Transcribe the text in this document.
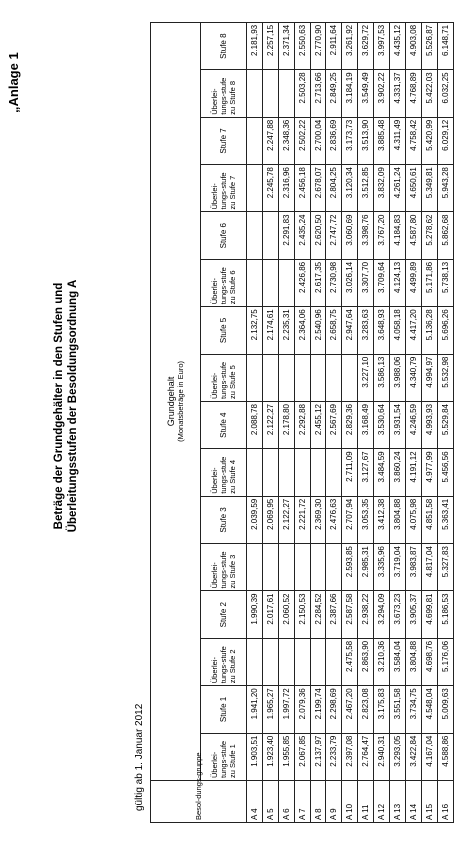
„Anlage 1
Beträge der Grundgehälter in den Stufen und Überleitungsstufen der Besoldungsordnung A
gültig ab 1. Januar 2012	Besol-dungs-gruppe	Grundgehalt (Monatsbeträge in Euro)															

	Überlei-tungs-stufe zu Stufe 1	Stufe 1	Überlei-tungs-stufe zu Stufe 2	Stufe 2	Überlei-tungs-stufe zu Stufe 3	Stufe 3	Überlei-tungs-stufe zu Stufe 4	Stufe 4	Überlei-tungs-stufe zu Stufe 5	Stufe 5	Überlei-tungs-stufe zu Stufe 6	Stufe 6	Überlei-tungs-stufe zu Stufe 7	Stufe 7	Überlei-tungs-stufe zu Stufe 8	Stufe 8
A 4	1.903,51	1.941,20		1.990,39		2.039,59		2.088,78		2.132,75						2.181,93
A 5	1.923,40	1.965,27		2.017,61		2.069,95		2.122,27		2.174,61			2.245,78	2.247,88		2.257,15
A 6	1.955,85	1.997,72		2.060,52		2.122,27		2.178,80		2.235,31		2.291,83	2.316,96	2.348,36		2.371,34
A 7	2.067,85	2.079,36		2.150,53		2.221,72		2.292,88		2.364,06	2.426,86	2.435,24	2.456,18	2.502,22	2.503,28	2.550,63
A 8	2.137,97	2.199,74		2.284,52		2.369,30		2.455,12		2.540,96	2.617,35	2.620,50	2.678,07	2.700,04	2.713,66	2.770,90
A 9	2.233,79	2.298,69		2.387,66		2.476,63		2.567,69		2.658,75	2.730,98	2.747,72	2.804,25	2.836,69	2.849,25	2.911,64
A 10	2.397,08	2.467,20	2.475,58	2.587,58	2.593,85	2.707,94	2.711,09	2.829,36		2.947,64	3.026,14	3.060,69	3.120,34	3.173,73	3.184,19	3.261,92
A 11	2.764,47	2.823,08	2.863,90	2.938,22	2.985,31	3.053,35	3.127,67	3.168,49	3.227,10	3.283,63	3.307,70	3.398,76	3.512,85	3.513,90	3.549,49	3.629,72
A 12	2.940,31	3.175,83	3.210,36	3.294,09	3.335,96	3.412,38	3.484,59	3.530,64	3.586,13	3.648,93	3.709,64	3.767,20	3.832,09	3.885,48	3.902,22	3.997,53
A 13	3.293,05	3.551,58	3.584,04	3.673,23	3.719,04	3.804,88	3.860,24	3.931,54	3.988,06	4.058,18	4.124,13	4.184,83	4.261,24	4.311,49	4.331,37	4.435,12
A 14	3.422,84	3.734,75	3.804,88	3.905,37	3.983,87	4.075,98	4.191,12	4.246,59	4.340,79	4.417,20	4.499,89	4.587,80	4.650,61	4.758,42	4.768,89	4.903,08
A 15	4.167,04	4.548,04	4.698,76	4.699,81	4.817,04	4.851,58	4.977,99	4.993,93	4.994,97	5.136,28	5.171,86	5.278,62	5.349,81	5.420,99	5.422,03	5.526,87
A 16	4.588,86	5.009,63	5.176,06	5.186,53	5.327,83	5.363,41	5.456,56	5.529,84	5.532,98	5.696,26	5.738,13	5.862,68	5.943,28	6.029,12	6.032,25	6.148,71
